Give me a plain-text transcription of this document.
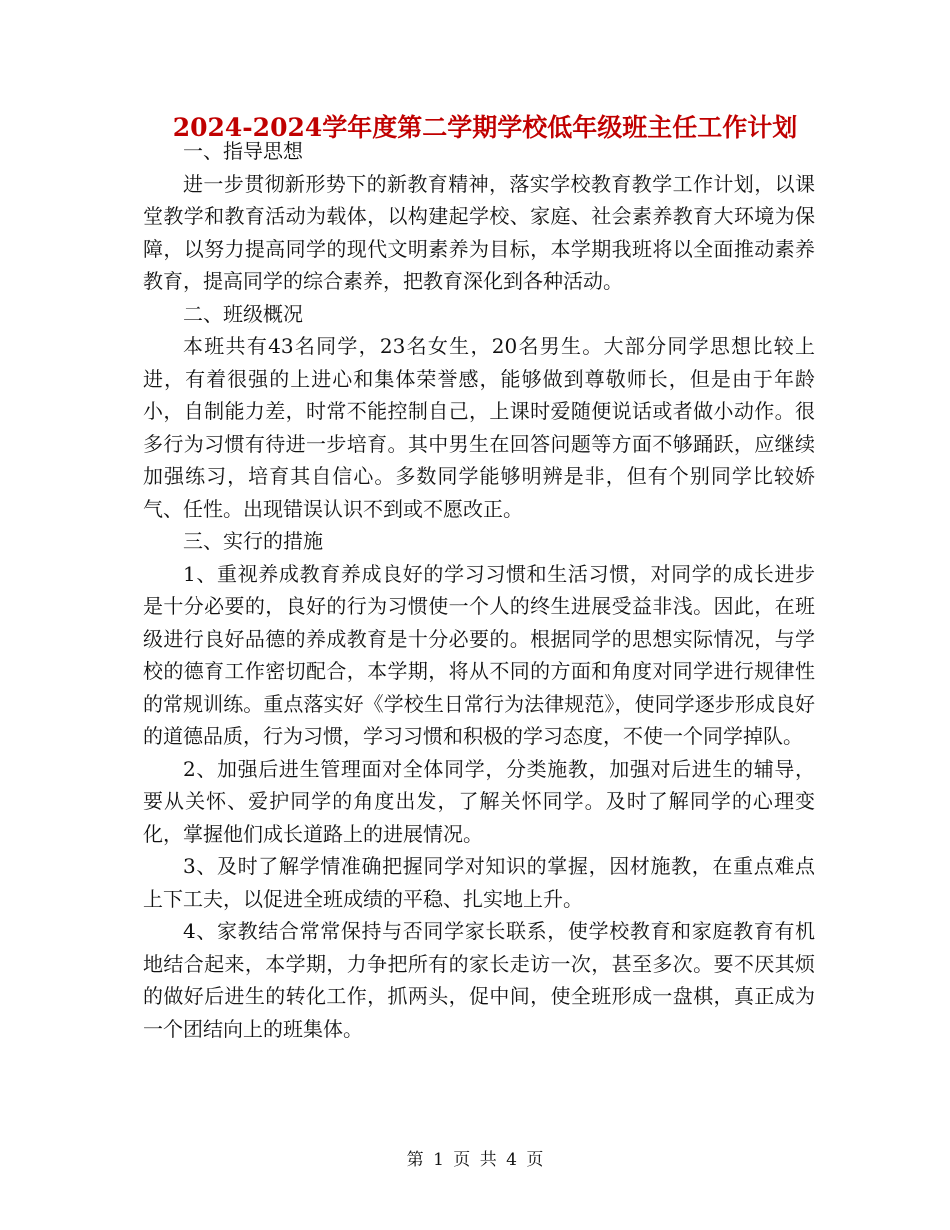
2024-2024学年度第二学期学校低年级班主任工作计划

一、指导思想

进一步贯彻新形势下的新教育精神，落实学校教育教学工作计划，以课堂教学和教育活动为载体，以构建起学校、家庭、社会素养教育大环境为保障，以努力提高同学的现代文明素养为目标，本学期我班将以全面推动素养教育，提高同学的综合素养，把教育深化到各种活动。

二、班级概况

本班共有43名同学，23名女生，20名男生。大部分同学思想比较上进，有着很强的上进心和集体荣誉感，能够做到尊敬师长，但是由于年龄小，自制能力差，时常不能控制自己，上课时爱随便说话或者做小动作。很多行为习惯有待进一步培育。其中男生在回答问题等方面不够踊跃，应继续加强练习，培育其自信心。多数同学能够明辨是非，但有个别同学比较娇气、任性。出现错误认识不到或不愿改正。

三、实行的措施

1、重视养成教育养成良好的学习习惯和生活习惯，对同学的成长进步是十分必要的，良好的行为习惯使一个人的终生进展受益非浅。因此，在班级进行良好品德的养成教育是十分必要的。根据同学的思想实际情况，与学校的德育工作密切配合，本学期，将从不同的方面和角度对同学进行规律性的常规训练。重点落实好《学校生日常行为法律规范》，使同学逐步形成良好的道德品质，行为习惯，学习习惯和积极的学习态度，不使一个同学掉队。

2、加强后进生管理面对全体同学，分类施教，加强对后进生的辅导，要从关怀、爱护同学的角度出发，了解关怀同学。及时了解同学的心理变化，掌握他们成长道路上的进展情况。

3、及时了解学情准确把握同学对知识的掌握，因材施教，在重点难点上下工夫，以促进全班成绩的平稳、扎实地上升。

4、家教结合常常保持与否同学家长联系，使学校教育和家庭教育有机地结合起来，本学期，力争把所有的家长走访一次，甚至多次。要不厌其烦的做好后进生的转化工作，抓两头，促中间，使全班形成一盘棋，真正成为一个团结向上的班集体。

第 1 页 共 4 页
